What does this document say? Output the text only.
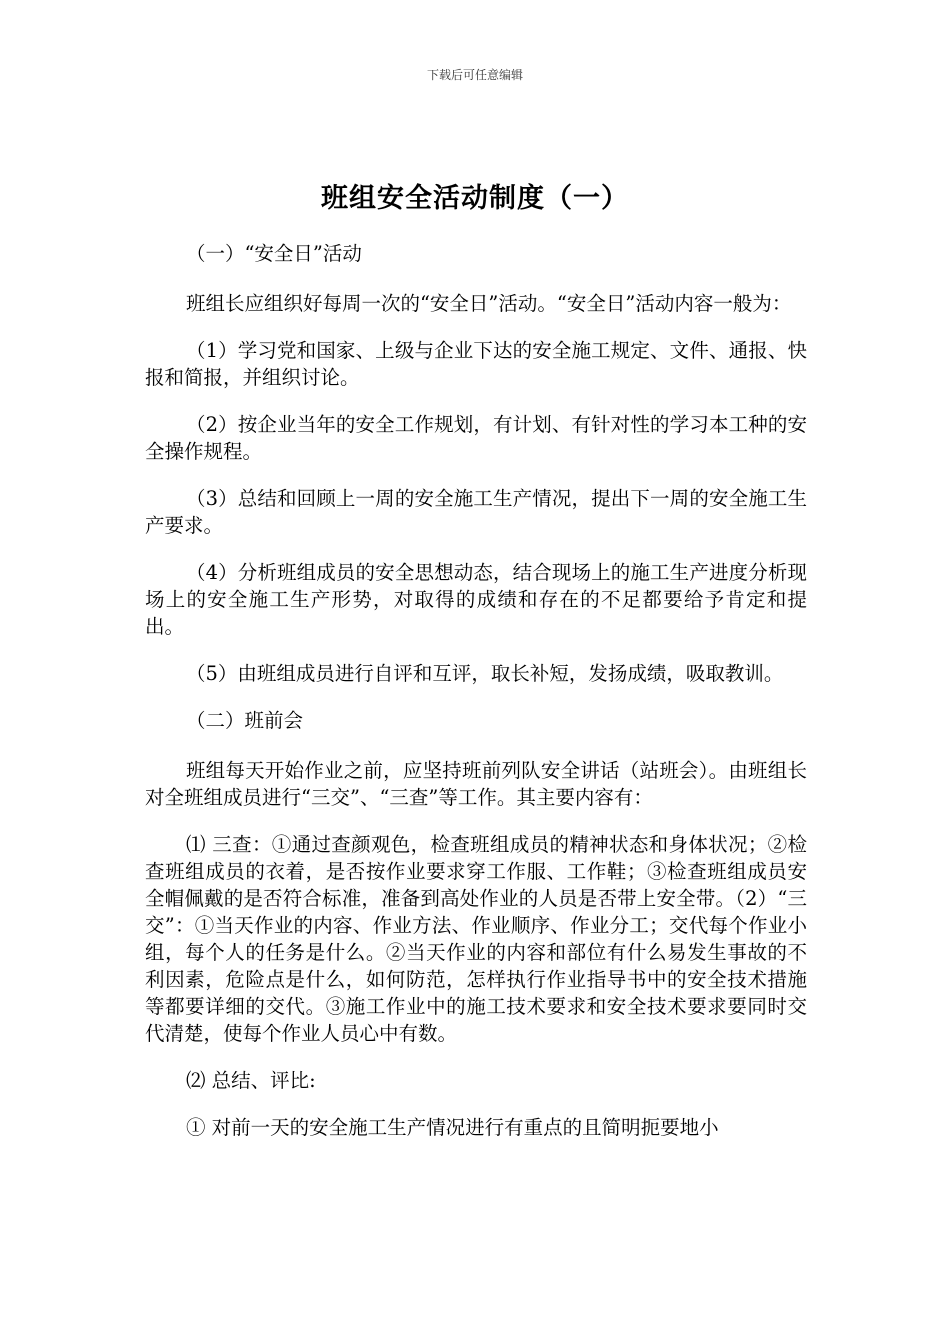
下载后可任意编辑
班组安全活动制度（一）

（一）“安全日”活动

班组长应组织好每周一次的“安全日”活动。“安全日”活动内容一般为：

（1）学习党和国家、上级与企业下达的安全施工规定、文件、通报、快报和简报，并组织讨论。

（2）按企业当年的安全工作规划，有计划、有针对性的学习本工种的安全操作规程。

（3）总结和回顾上一周的安全施工生产情况，提出下一周的安全施工生产要求。

（4）分析班组成员的安全思想动态，结合现场上的施工生产进度分析现场上的安全施工生产形势，对取得的成绩和存在的不足都要给予肯定和提出。

（5）由班组成员进行自评和互评，取长补短，发扬成绩，吸取教训。

（二）班前会

班组每天开始作业之前，应坚持班前列队安全讲话（站班会）。由班组长对全班组成员进行“三交”、“三查”等工作。其主要内容有：

⑴ 三查：①通过查颜观色，检查班组成员的精神状态和身体状况；②检查班组成员的衣着，是否按作业要求穿工作服、工作鞋；③检查班组成员安全帽佩戴的是否符合标准，准备到高处作业的人员是否带上安全带。（2）“三交”：①当天作业的内容、作业方法、作业顺序、作业分工；交代每个作业小组，每个人的任务是什么。②当天作业的内容和部位有什么易发生事故的不利因素，危险点是什么，如何防范，怎样执行作业指导书中的安全技术措施等都要详细的交代。③施工作业中的施工技术要求和安全技术要求要同时交代清楚，使每个作业人员心中有数。

⑵ 总结、评比:

① 对前一天的安全施工生产情况进行有重点的且简明扼要地小
